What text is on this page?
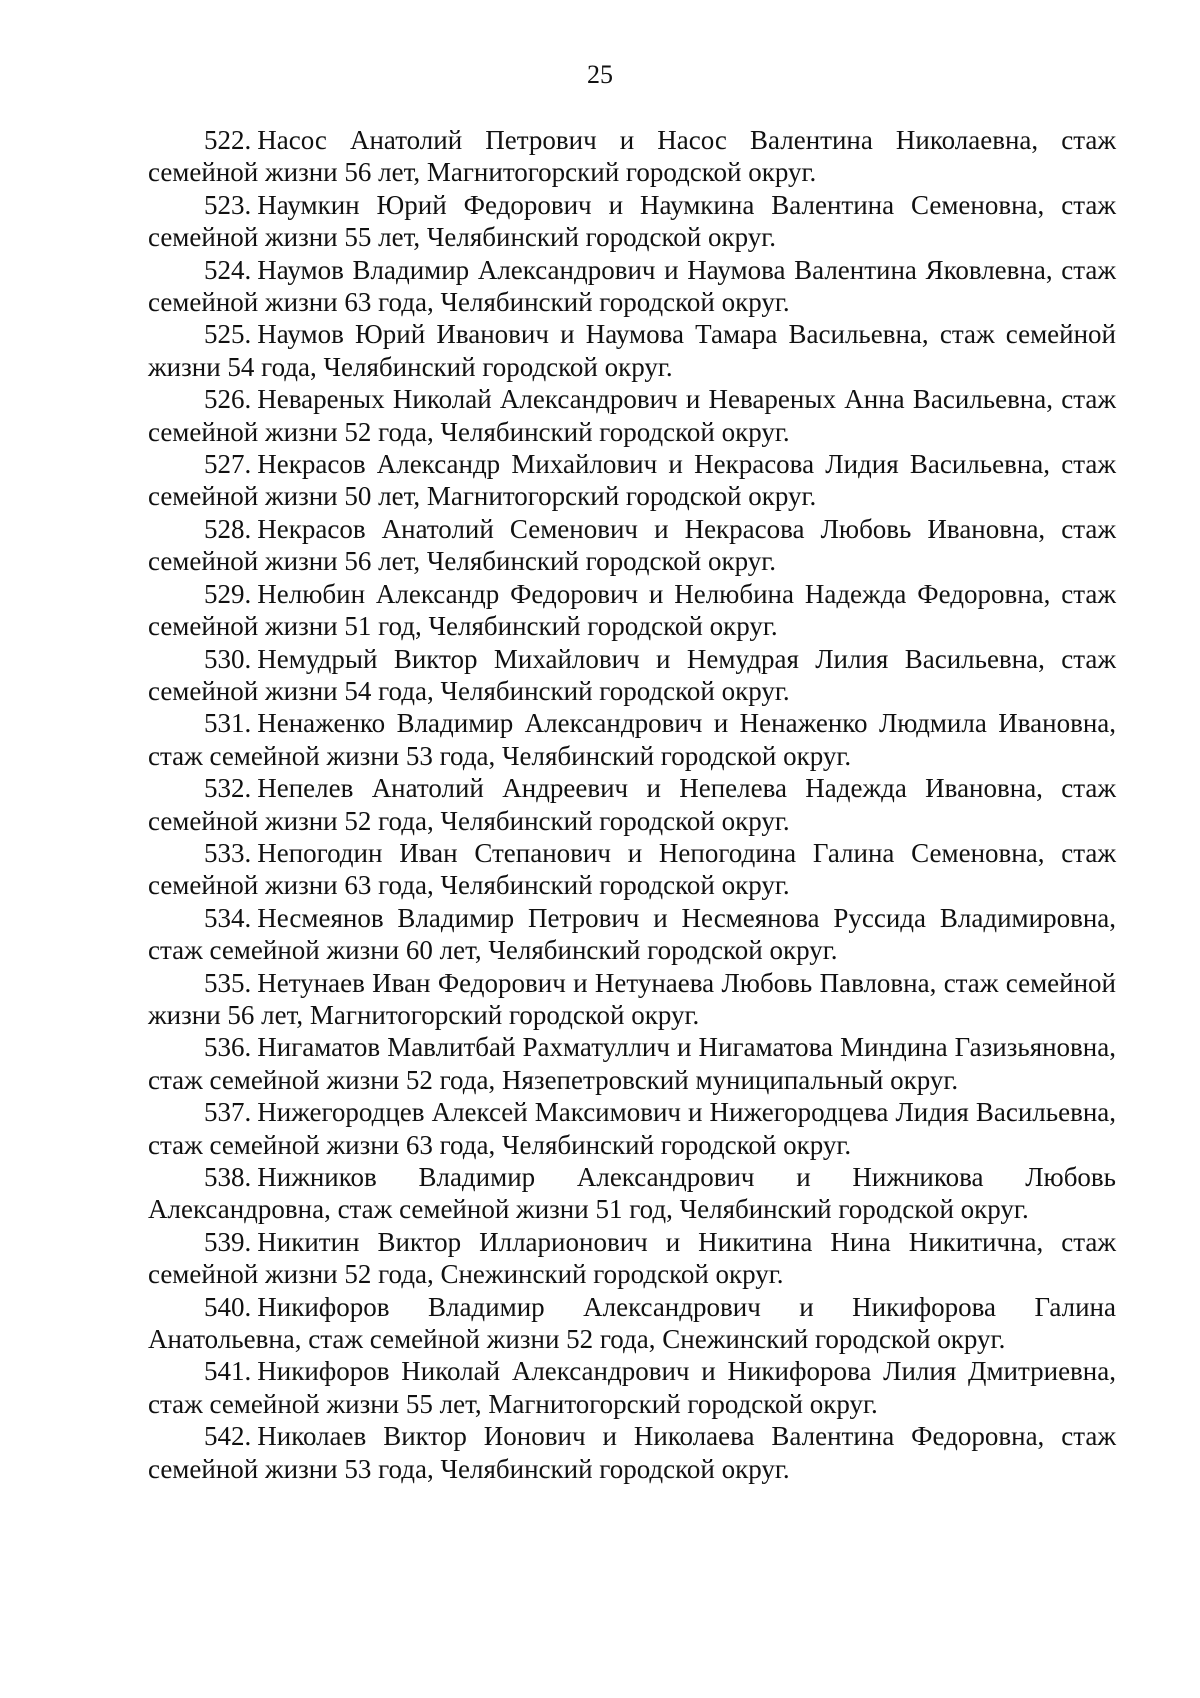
25

522. Насос Анатолий Петрович и Насос Валентина Николаевна, стаж семейной жизни 56 лет, Магнитогорский городской округ.

523. Наумкин Юрий Федорович и Наумкина Валентина Семеновна, стаж семейной жизни 55 лет, Челябинский городской округ.

524. Наумов Владимир Александрович и Наумова Валентина Яковлевна, стаж семейной жизни 63 года, Челябинский городской округ.

525. Наумов Юрий Иванович и Наумова Тамара Васильевна, стаж семейной жизни 54 года, Челябинский городской округ.

526. Невареных Николай Александрович и Невареных Анна Васильевна, стаж семейной жизни 52 года, Челябинский городской округ.

527. Некрасов Александр Михайлович и Некрасова Лидия Васильевна, стаж семейной жизни 50 лет, Магнитогорский городской округ.

528. Некрасов Анатолий Семенович и Некрасова Любовь Ивановна, стаж семейной жизни 56 лет, Челябинский городской округ.

529. Нелюбин Александр Федорович и Нелюбина Надежда Федоровна, стаж семейной жизни 51 год, Челябинский городской округ.

530. Немудрый Виктор Михайлович и Немудрая Лилия Васильевна, стаж семейной жизни 54 года, Челябинский городской округ.

531. Ненаженко Владимир Александрович и Ненаженко Людмила Ивановна, стаж семейной жизни 53 года, Челябинский городской округ.

532. Непелев Анатолий Андреевич и Непелева Надежда Ивановна, стаж семейной жизни 52 года, Челябинский городской округ.

533. Непогодин Иван Степанович и Непогодина Галина Семеновна, стаж семейной жизни 63 года, Челябинский городской округ.

534. Несмеянов Владимир Петрович и Несмеянова Руссида Владимировна, стаж семейной жизни 60 лет, Челябинский городской округ.

535. Нетунаев Иван Федорович и Нетунаева Любовь Павловна, стаж семейной жизни 56 лет, Магнитогорский городской округ.

536. Нигаматов Мавлитбай Рахматуллич и Нигаматова Миндина Газизьяновна, стаж семейной жизни 52 года, Нязепетровский муниципальный округ.

537. Нижегородцев Алексей Максимович и Нижегородцева Лидия Васильевна, стаж семейной жизни 63 года, Челябинский городской округ.

538. Нижников Владимир Александрович и Нижникова Любовь Александровна, стаж семейной жизни 51 год, Челябинский городской округ.

539. Никитин Виктор Илларионович и Никитина Нина Никитична, стаж семейной жизни 52 года, Снежинский городской округ.

540. Никифоров Владимир Александрович и Никифорова Галина Анатольевна, стаж семейной жизни 52 года, Снежинский городской округ.

541. Никифоров Николай Александрович и Никифорова Лилия Дмитриевна, стаж семейной жизни 55 лет, Магнитогорский городской округ.

542. Николаев Виктор Ионович и Николаева Валентина Федоровна, стаж семейной жизни 53 года, Челябинский городской округ.
